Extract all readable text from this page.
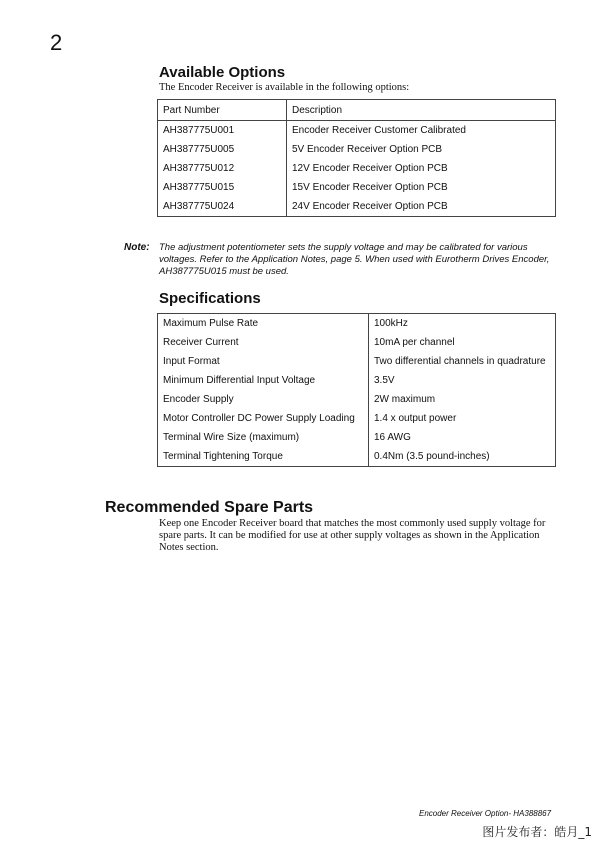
2
Available Options
The Encoder Receiver is available in the following options:
Part Number	Description
AH387775U001	Encoder Receiver Customer Calibrated
AH387775U005	5V Encoder Receiver Option PCB
AH387775U012	12V Encoder Receiver Option PCB
AH387775U015	15V Encoder Receiver Option PCB
AH387775U024	24V Encoder Receiver Option PCB
Note: The adjustment potentiometer sets the supply voltage and may be calibrated for various voltages. Refer to the Application Notes, page 5. When used with Eurotherm Drives Encoder, AH387775U015 must be used.
Specifications
Maximum Pulse Rate	100kHz
Receiver Current	10mA per channel
Input Format	Two differential channels in quadrature
Minimum Differential Input Voltage	3.5V
Encoder Supply	2W maximum
Motor Controller DC Power Supply Loading	1.4 x output power
Terminal Wire Size (maximum)	16 AWG
Terminal Tightening Torque	0.4Nm (3.5 pound-inches)
Recommended Spare Parts
Keep one Encoder Receiver board that matches the most commonly used supply voltage for spare parts. It can be modified for use at other supply voltages as shown in the Application Notes section.
Encoder Receiver Option- HA388867
图片发布者：皓月_1
